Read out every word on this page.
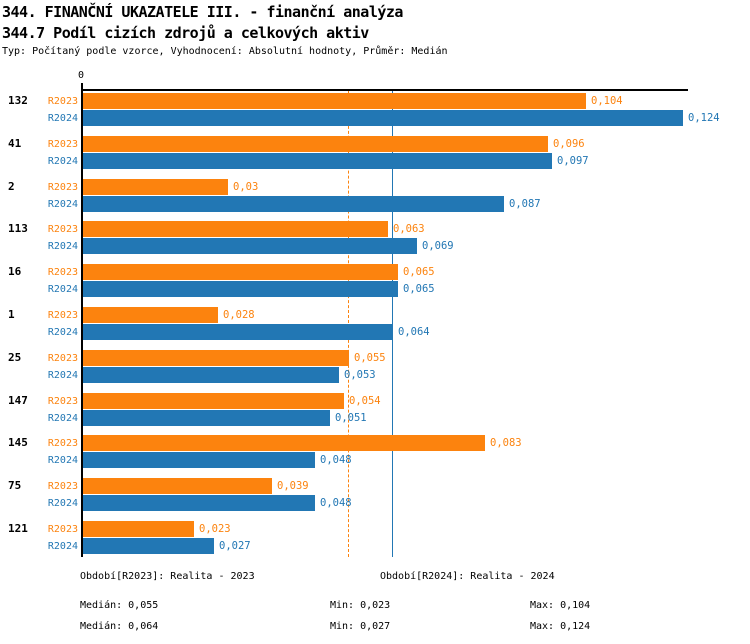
344. FINANČNÍ UKAZATELE III. - finanční analýza
344.7 Podíl cizích zdrojů a celkových aktiv
Typ: Počítaný podle vzorce, Vyhodnocení: Absolutní hodnoty, Průměr: Medián
0
132	R2023	0,104
R2024	0,124
41	R2023	0,096
R2024	0,097
2	R2023	0,03
R2024	0,087
113	R2023	0,063
R2024	0,069
16	R2023	0,065
R2024	0,065
1	R2023	0,028
R2024	0,064
25	R2023	0,055
R2024	0,053
147	R2023	0,054
R2024	0,051
145	R2023	0,083
R2024	0,048
75	R2023	0,039
R2024	0,048
121	R2023	0,023
R2024	0,027
Období[R2023]: Realita - 2023	Období[R2024]: Realita - 2024
Medián: 0,055	Min: 0,023	Max: 0,104
Medián: 0,064	Min: 0,027	Max: 0,124
